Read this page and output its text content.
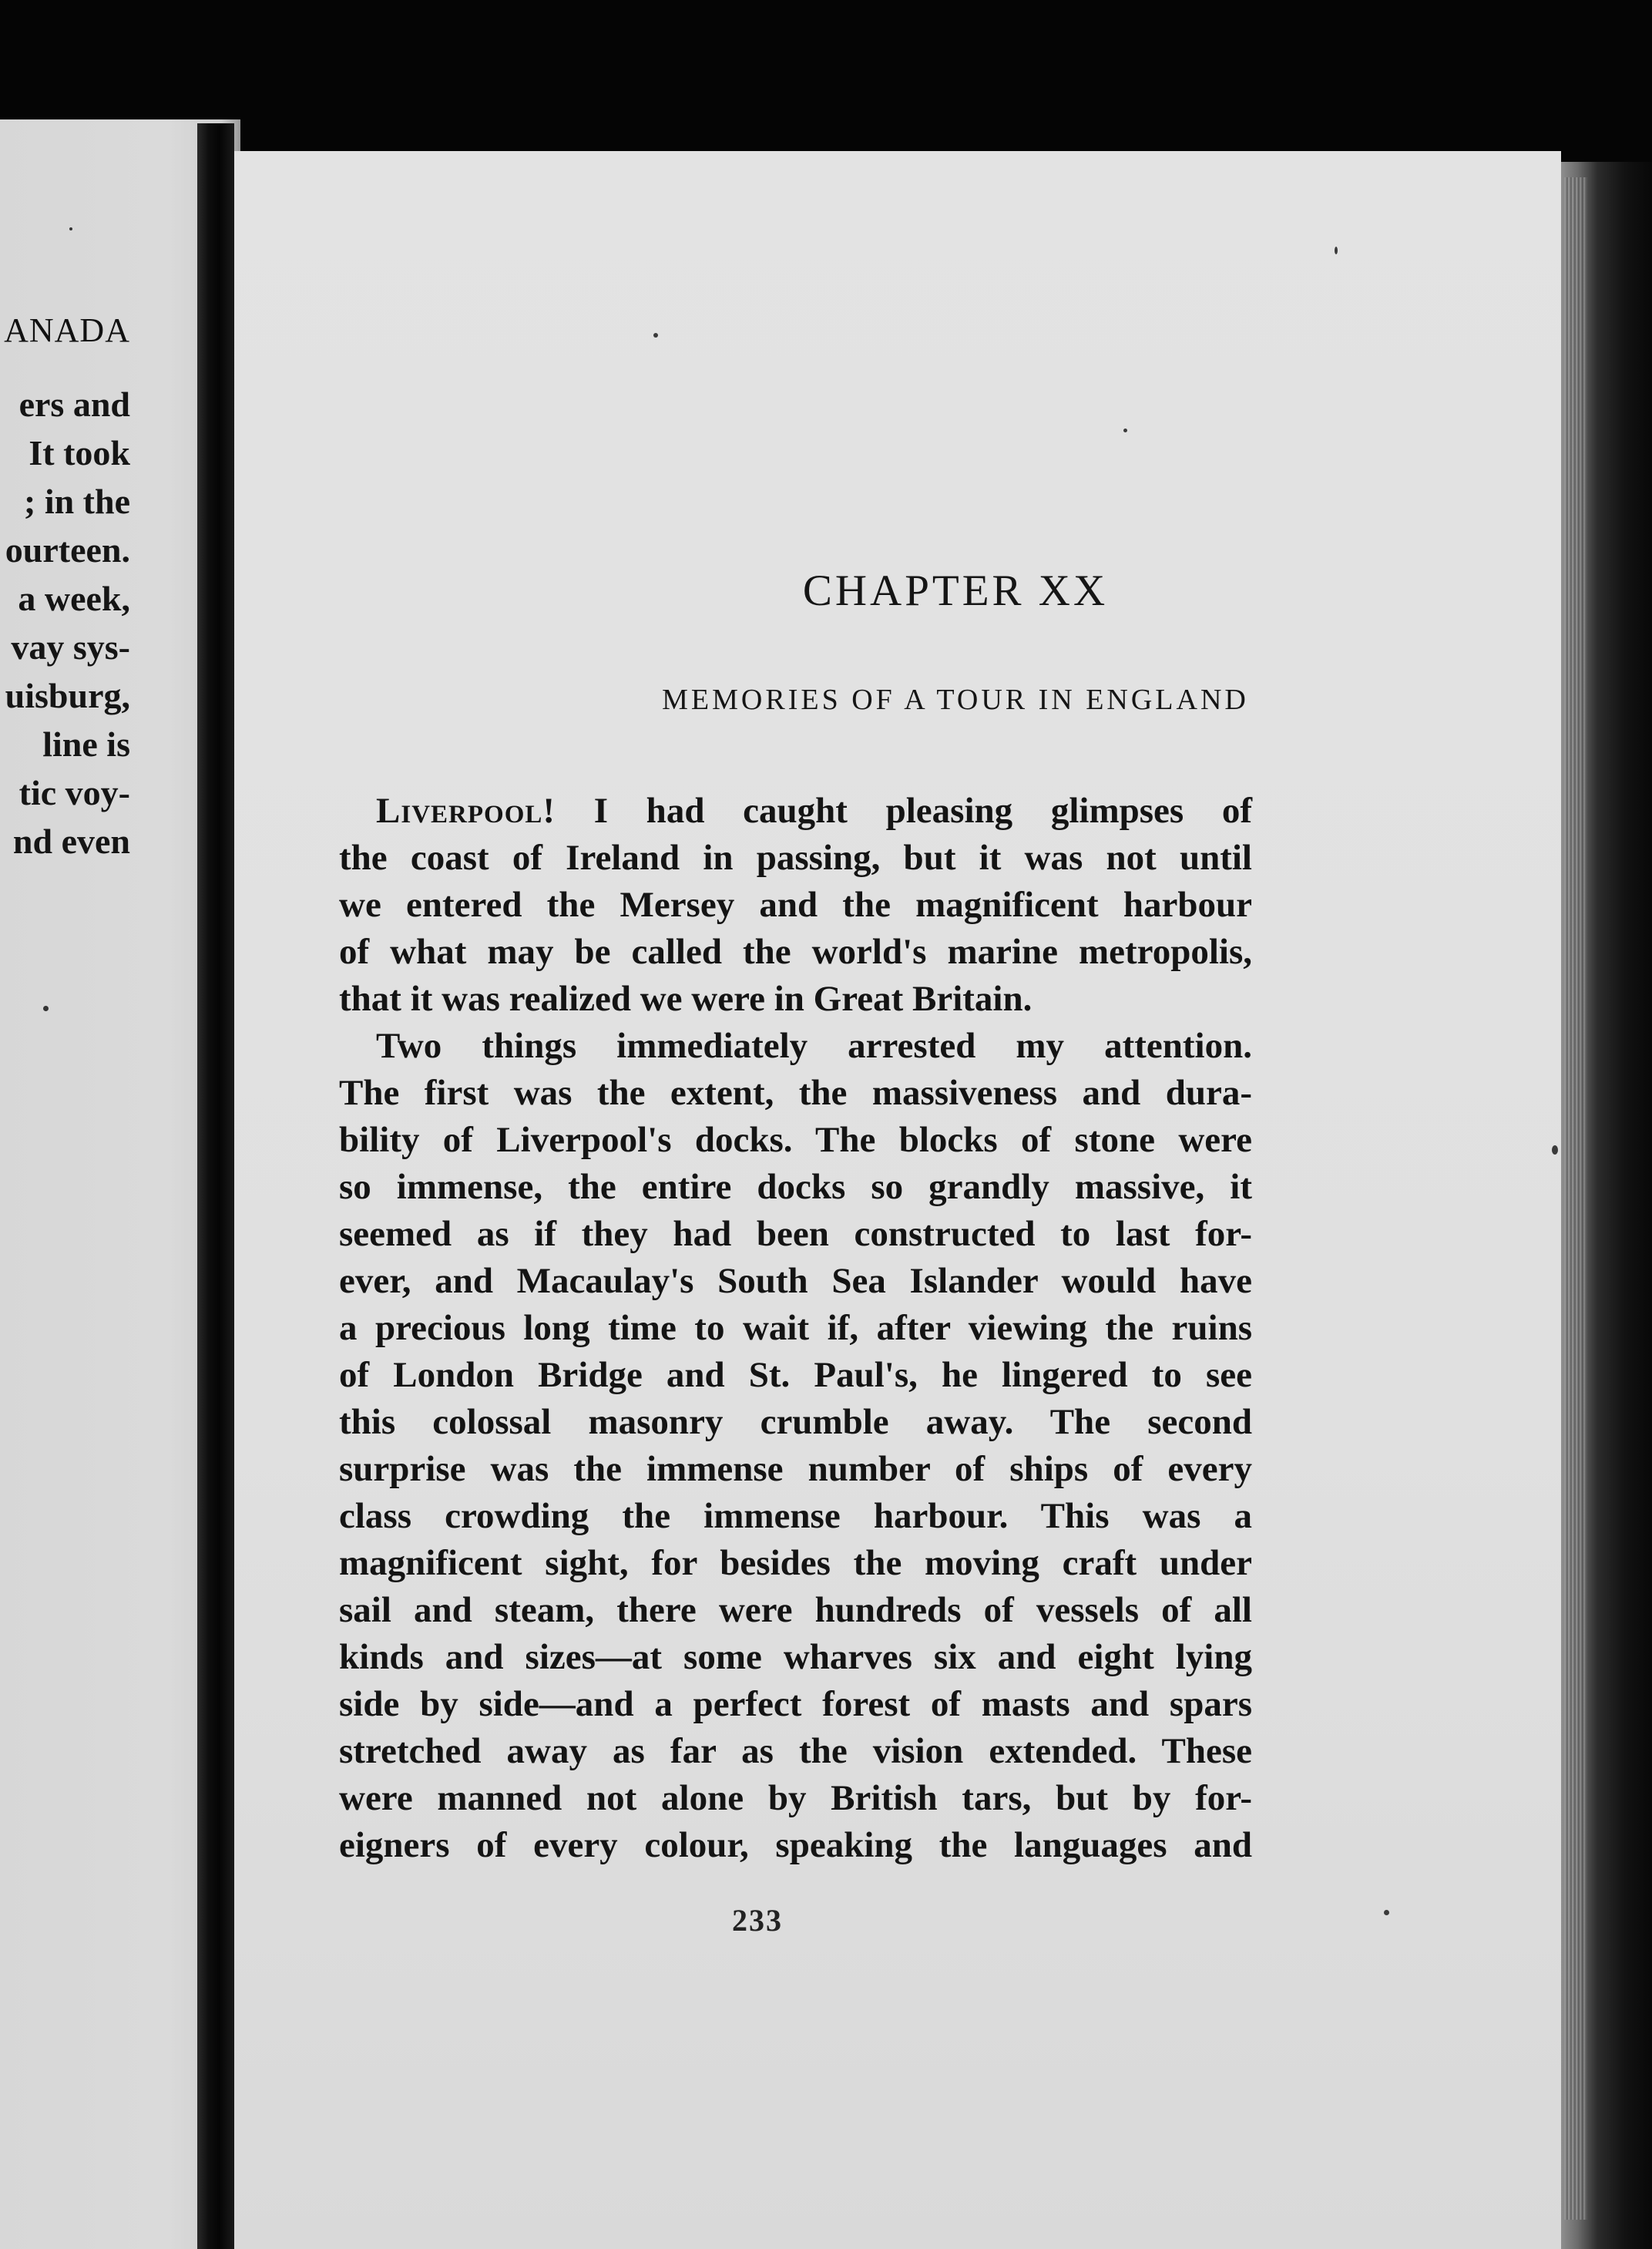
ANADA
ers and
It took
; in the
ourteen.
a week,
vay sys-
uisburg,
line is
tic voy-
nd even
CHAPTER XX
MEMORIES OF A TOUR IN ENGLAND
Liverpool! I had caught pleasing glimpses of
the coast of Ireland in passing, but it was not until
we entered the Mersey and the magnificent harbour
of what may be called the world's marine metropolis,
that it was realized we were in Great Britain.
Two things immediately arrested my attention.
The first was the extent, the massiveness and dura-
bility of Liverpool's docks. The blocks of stone were
so immense, the entire docks so grandly massive, it
seemed as if they had been constructed to last for-
ever, and Macaulay's South Sea Islander would have
a precious long time to wait if, after viewing the ruins
of London Bridge and St. Paul's, he lingered to see
this colossal masonry crumble away. The second
surprise was the immense number of ships of every
class crowding the immense harbour. This was a
magnificent sight, for besides the moving craft under
sail and steam, there were hundreds of vessels of all
kinds and sizes—at some wharves six and eight lying
side by side—and a perfect forest of masts and spars
stretched away as far as the vision extended. These
were manned not alone by British tars, but by for-
eigners of every colour, speaking the languages and
233
